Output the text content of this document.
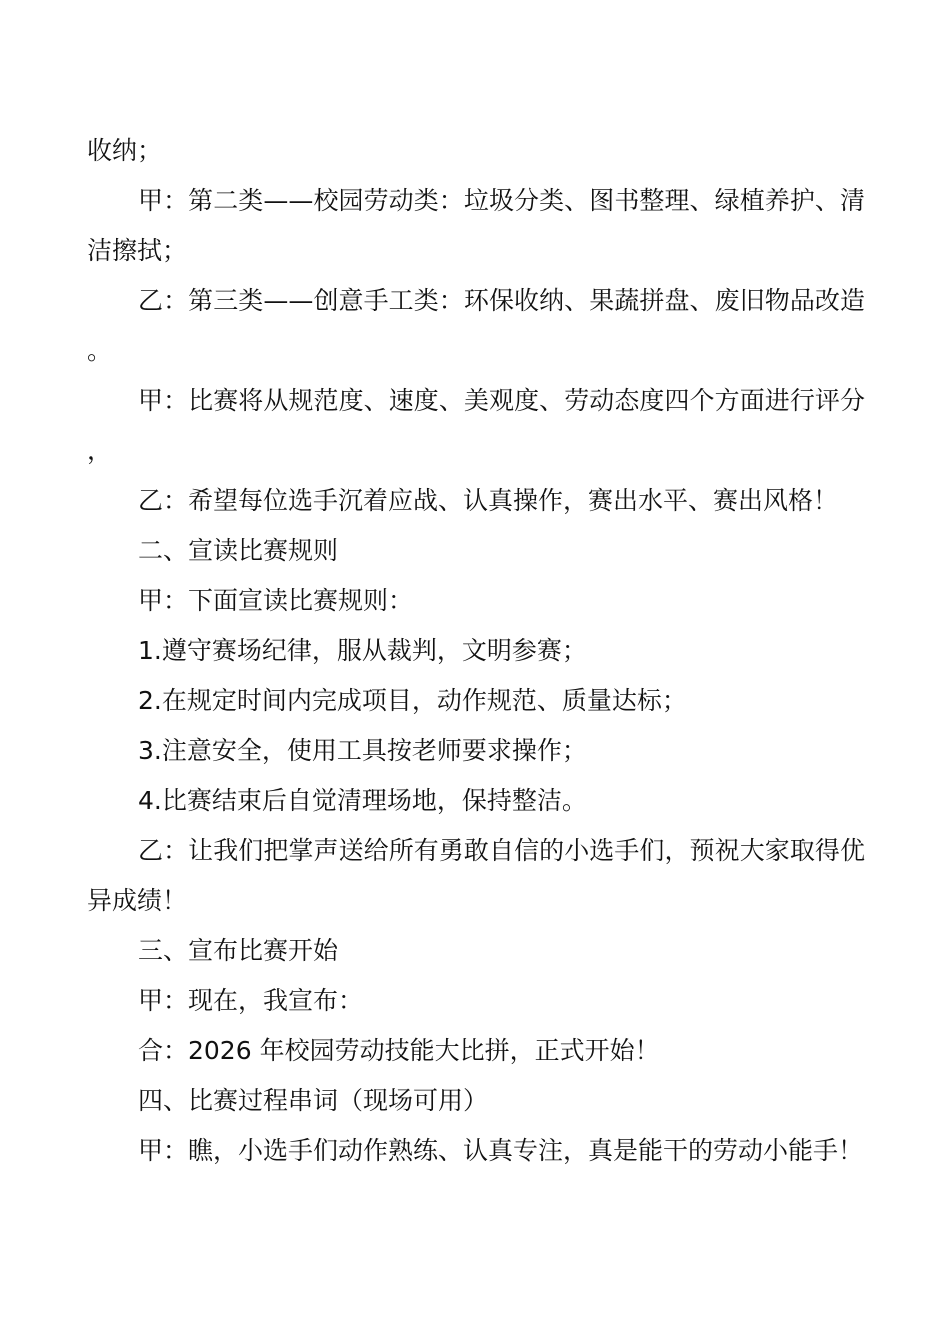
收纳；

甲：第二类——校园劳动类：垃圾分类、图书整理、绿植养护、清洁擦拭；

乙：第三类——创意手工类：环保收纳、果蔬拼盘、废旧物品改造。

甲：比赛将从规范度、速度、美观度、劳动态度四个方面进行评分，

乙：希望每位选手沉着应战、认真操作，赛出水平、赛出风格！

二、宣读比赛规则

甲：下面宣读比赛规则：

1.遵守赛场纪律，服从裁判，文明参赛；

2.在规定时间内完成项目，动作规范、质量达标；

3.注意安全，使用工具按老师要求操作；

4.比赛结束后自觉清理场地，保持整洁。

乙：让我们把掌声送给所有勇敢自信的小选手们，预祝大家取得优异成绩！

三、宣布比赛开始

甲：现在，我宣布：

合：2026 年校园劳动技能大比拼，正式开始！

四、比赛过程串词（现场可用）

甲：瞧，小选手们动作熟练、认真专注，真是能干的劳动小能手！
